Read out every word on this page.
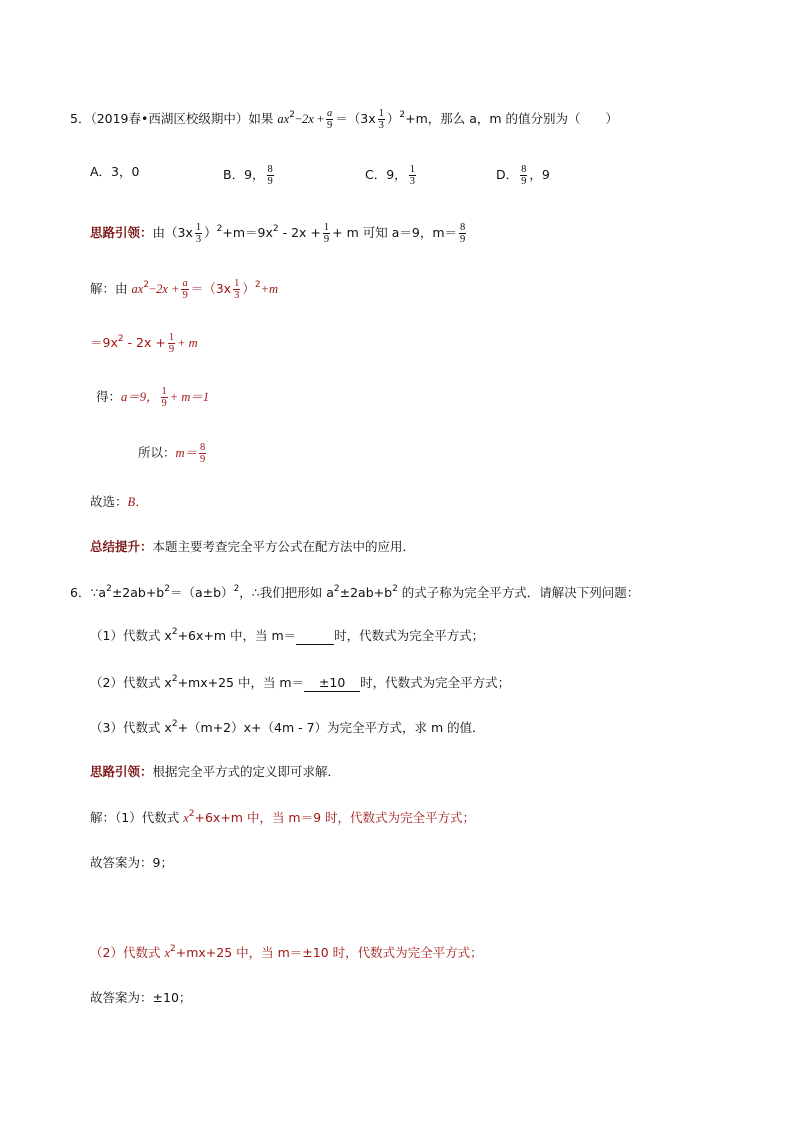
5．（2019春•西湖区校级期中）如果 $ax^2-2x + \frac{a}{9} =(3x \frac{1}{3} )^2+m$，那么 a，m 的值分别为（　　）
A．3，0	B．9， $\frac{8}{9}$	C．9， $\frac{1}{3}$	D． $\frac{8}{9}$ ，9
思路引领：由$(3x \frac{1}{3} )^2+m=9x^2 - 2x + \frac{1}{9} + m$ 可知 a＝9，$m= \frac{8}{9}$
解：由 $ax^2-2x + \frac{a}{9} =(3x \frac{1}{3} )^2+m$
$=9x^2 - 2x + \frac{1}{9} + m$
得：a＝9， $\frac{1}{9} + m=1$
所以：$m= \frac{8}{9}$
故选：B．
总结提升：本题主要考查完全平方公式在配方法中的应用．
6．$\because a^2\pm 2ab+b^2=(a\pm b)^2$，∴我们把形如 $a^2\pm 2ab+b^2$ 的式子称为完全平方式．请解决下列问题：
（1）代数式 $x^2+6x+m$ 中，当 m＝	时，代数式为完全平方式；
（2）代数式 $x^2+mx+25$ 中，当 m＝ ±10 时，代数式为完全平方式；
（3）代数式 $x^2+(m+2)x+(4m - 7)$为完全平方式，求 m 的值．
思路引领：根据完全平方式的定义即可求解．
解：（1）代数式 $x^2+6x+m$ 中，当 m＝9 时，代数式为完全平方式；
故答案为：9；
（2）代数式 $x^2+mx+25$ 中，当 m＝±10 时，代数式为完全平方式；
故答案为：±10；
